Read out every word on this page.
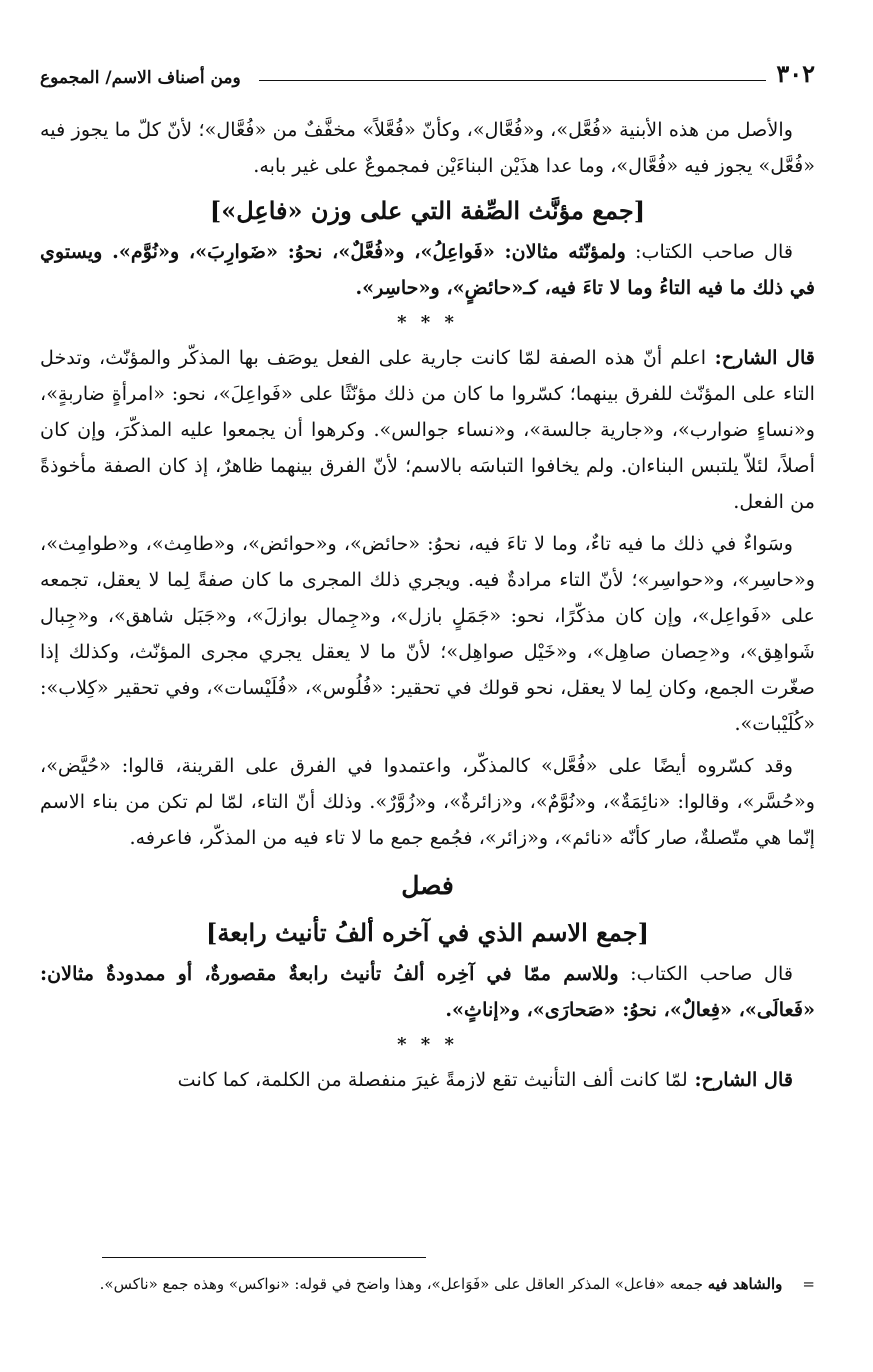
٣٠٢
ومن أصناف الاسم/ المجموع

والأصل من هذه الأبنية «فُعَّل»، و«فُعَّال»، وكأنّ «فُعَّلاً» مخفَّفٌ من «فُعَّال»؛ لأنّ كلّ ما يجوز فيه «فُعَّل» يجوز فيه «فُعَّال»، وما عدا هذَيْن البناءَيْن فمجموعٌ على غير بابه.

[جمع مؤنَّث الصِّفة التي على وزن «فاعِل»]

قال صاحب الكتاب: ولمؤنّثه مثالان: «فَواعِلُ»، و«فُعَّلٌ»، نحوُ: «ضَوارِبَ»، و«نُوَّم». ويستوي في ذلك ما فيه التاءُ وما لا تاءَ فيه، كـ«حائضٍ»، و«حاسِر».

* * *

قال الشارح: اعلم أنّ هذه الصفة لمّا كانت جارية على الفعل يوصَف بها المذكّر والمؤنّث، وتدخل التاء على المؤنّث للفرق بينهما؛ كسّروا ما كان من ذلك مؤنّثًا على «فَواعِلَ»، نحو: «امرأةٍ ضاربةٍ»، و«نساءٍ ضوارب»، و«جارية جالسة»، و«نساء جوالس». وكرهوا أن يجمعوا عليه المذكّرَ، وإن كان أصلاً، لئلاّ يلتبس البناءان. ولم يخافوا التباسَه بالاسم؛ لأنّ الفرق بينهما ظاهرٌ، إذ كان الصفة مأخوذةً من الفعل.

وسَواءٌ في ذلك ما فيه تاءٌ، وما لا تاءَ فيه، نحوُ: «حائض»، و«حوائض»، و«طامِث»، و«طوامِث»، و«حاسِر»، و«حواسِر»؛ لأنّ التاء مرادةٌ فيه. ويجري ذلك المجرى ما كان صفةً لِما لا يعقل، تجمعه على «فَواعِل»، وإن كان مذكّرًا، نحو: «جَمَلٍ بازل»، و«جِمال بوازلَ»، و«جَبَل شاهق»، و«جِبال شَواهِق»، و«حِصان صاهِل»، و«خَيْل صواهِل»؛ لأنّ ما لا يعقل يجري مجرى المؤنّث، وكذلك إذا صغّرت الجمع، وكان لِما لا يعقل، نحو قولك في تحقير: «فُلُوس»، «فُلَيْسات»، وفي تحقير «كِلاب»: «كُلَيْبات».

وقد كسّروه أيضًا على «فُعَّل» كالمذكّر، واعتمدوا في الفرق على القرينة، قالوا: «حُيَّض»، و«حُسَّر»، وقالوا: «نائِمَةٌ»، و«نُوَّمٌ»، و«زائرةٌ»، و«زُوَّرٌ». وذلك أنّ التاء، لمّا لم تكن من بناء الاسم إنّما هي متّصلةٌ، صار كأنّه «نائم»، و«زائر»، فجُمع جمع ما لا تاء فيه من المذكّر، فاعرفه.

فصل
[جمع الاسم الذي في آخره ألفُ تأنيث رابعة]

قال صاحب الكتاب: وللاسم ممّا في آخِره ألفُ تأنيث رابعةٌ مقصورةٌ، أو ممدودةٌ مثالان: «فَعالَى»، «فِعالٌ»، نحوُ: «صَحارَى»، و«إناثٍ».

* * *

قال الشارح: لمّا كانت ألف التأنيث تقع لازمةً غيرَ منفصلة من الكلمة، كما كانت

=والشاهد فيه جمعه «فاعل» المذكر العاقل على «فَوَاعل»، وهذا واضح في قوله: «نواكس» وهذه جمع «ناكس».
